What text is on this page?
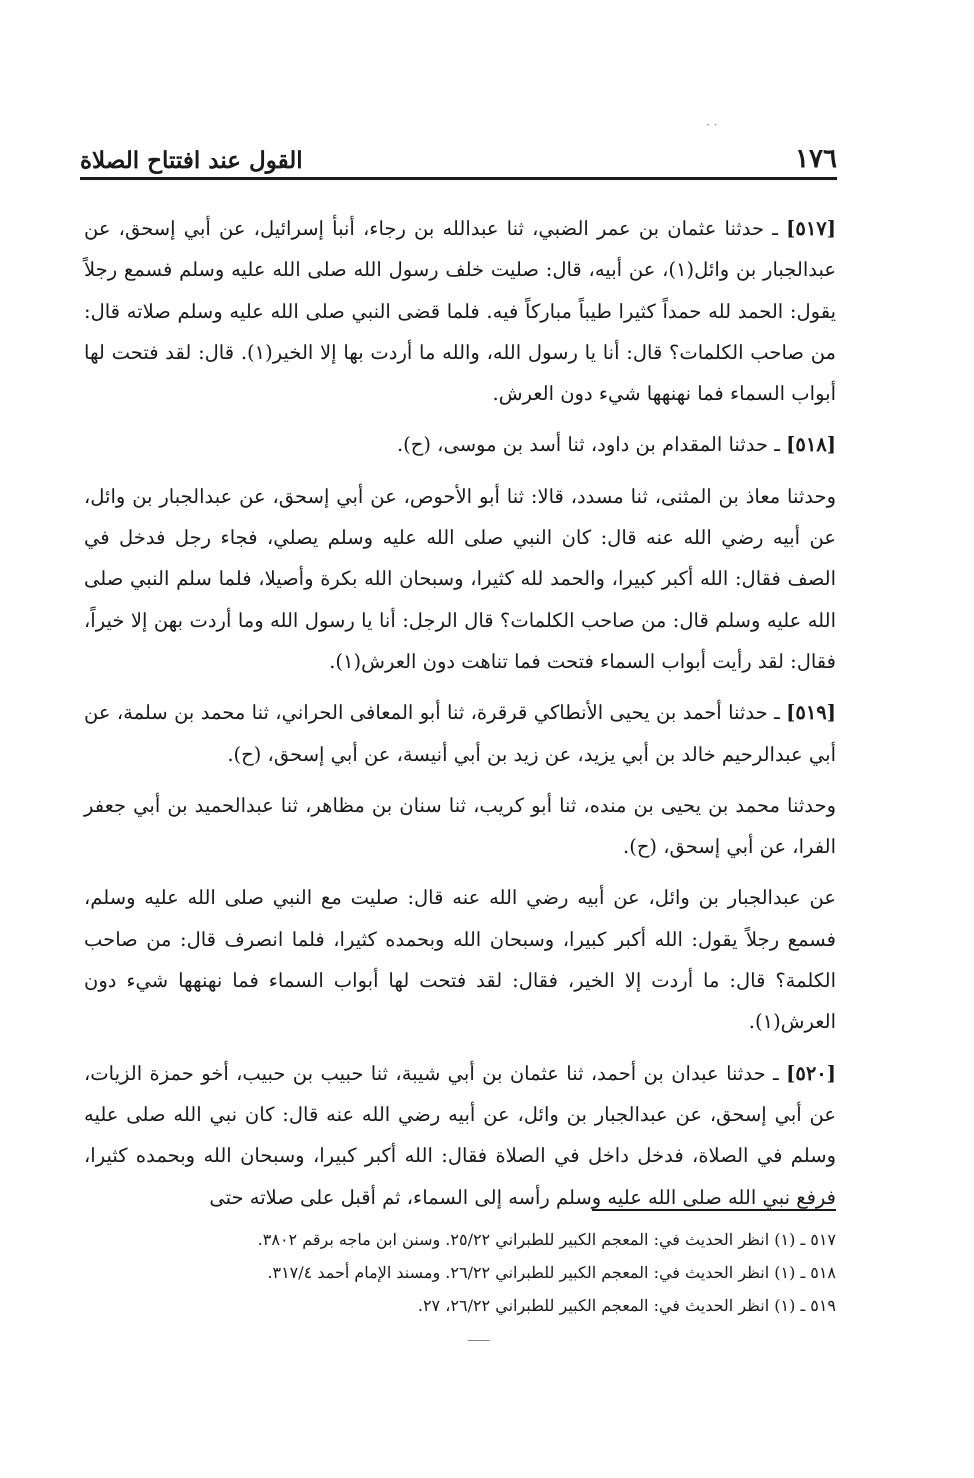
· ·
١٧٦
القول عند افتتاح الصلاة

[٥١٧] ـ حدثنا عثمان بن عمر الضبي، ثنا عبدالله بن رجاء، أنبأ إسرائيل، عن أبي إسحق، عن عبدالجبار بن وائل(١)، عن أبيه، قال: صليت خلف رسول الله صلى الله عليه وسلم فسمع رجلاً يقول: الحمد لله حمداً كثيرا طيباً مباركاً فيه. فلما قضى النبي صلى الله عليه وسلم صلاته قال: من صاحب الكلمات؟ قال: أنا يا رسول الله، والله ما أردت بها إلا الخير(١). قال: لقد فتحت لها أبواب السماء فما نهنهها شيء دون العرش.

[٥١٨] ـ حدثنا المقدام بن داود، ثنا أسد بن موسى، (ح).

وحدثنا معاذ بن المثنى، ثنا مسدد، قالا: ثنا أبو الأحوص، عن أبي إسحق، عن عبدالجبار بن وائل، عن أبيه رضي الله عنه قال: كان النبي صلى الله عليه وسلم يصلي، فجاء رجل فدخل في الصف فقال: الله أكبر كبيرا، والحمد لله كثيرا، وسبحان الله بكرة وأصيلا، فلما سلم النبي صلى الله عليه وسلم قال: من صاحب الكلمات؟ قال الرجل: أنا يا رسول الله وما أردت بهن إلا خيراً، فقال: لقد رأيت أبواب السماء فتحت فما تناهت دون العرش(١).

[٥١٩] ـ حدثنا أحمد بن يحيى الأنطاكي قرقرة، ثنا أبو المعافى الحراني، ثنا محمد بن سلمة، عن أبي عبدالرحيم خالد بن أبي يزيد، عن زيد بن أبي أنيسة، عن أبي إسحق، (ح).

وحدثنا محمد بن يحيى بن منده، ثنا أبو كريب، ثنا سنان بن مظاهر، ثنا عبدالحميد بن أبي جعفر الفرا، عن أبي إسحق، (ح).

عن عبدالجبار بن وائل، عن أبيه رضي الله عنه قال: صليت مع النبي صلى الله عليه وسلم، فسمع رجلاً يقول: الله أكبر كبيرا، وسبحان الله وبحمده كثيرا، فلما انصرف قال: من صاحب الكلمة؟ قال: ما أردت إلا الخير، فقال: لقد فتحت لها أبواب السماء فما نهنهها شيء دون العرش(١).

[٥٢٠] ـ حدثنا عبدان بن أحمد، ثنا عثمان بن أبي شيبة، ثنا حبيب بن حبيب، أخو حمزة الزيات، عن أبي إسحق، عن عبدالجبار بن وائل، عن أبيه رضي الله عنه قال: كان نبي الله صلى عليه وسلم في الصلاة، فدخل داخل في الصلاة فقال: الله أكبر كبيرا، وسبحان الله وبحمده كثيرا، فرفع نبي الله صلى الله عليه وسلم رأسه إلى السماء، ثم أقبل على صلاته حتى

٥١٧ ـ (١) انظر الحديث في: المعجم الكبير للطبراني ٢٥/٢٢. وسنن ابن ماجه برقم ٣٨٠٢.
٥١٨ ـ (١) انظر الحديث في: المعجم الكبير للطبراني ٢٦/٢٢. ومسند الإمام أحمد ٣١٧/٤.
٥١٩ ـ (١) انظر الحديث في: المعجم الكبير للطبراني ٢٦/٢٢، ٢٧.
